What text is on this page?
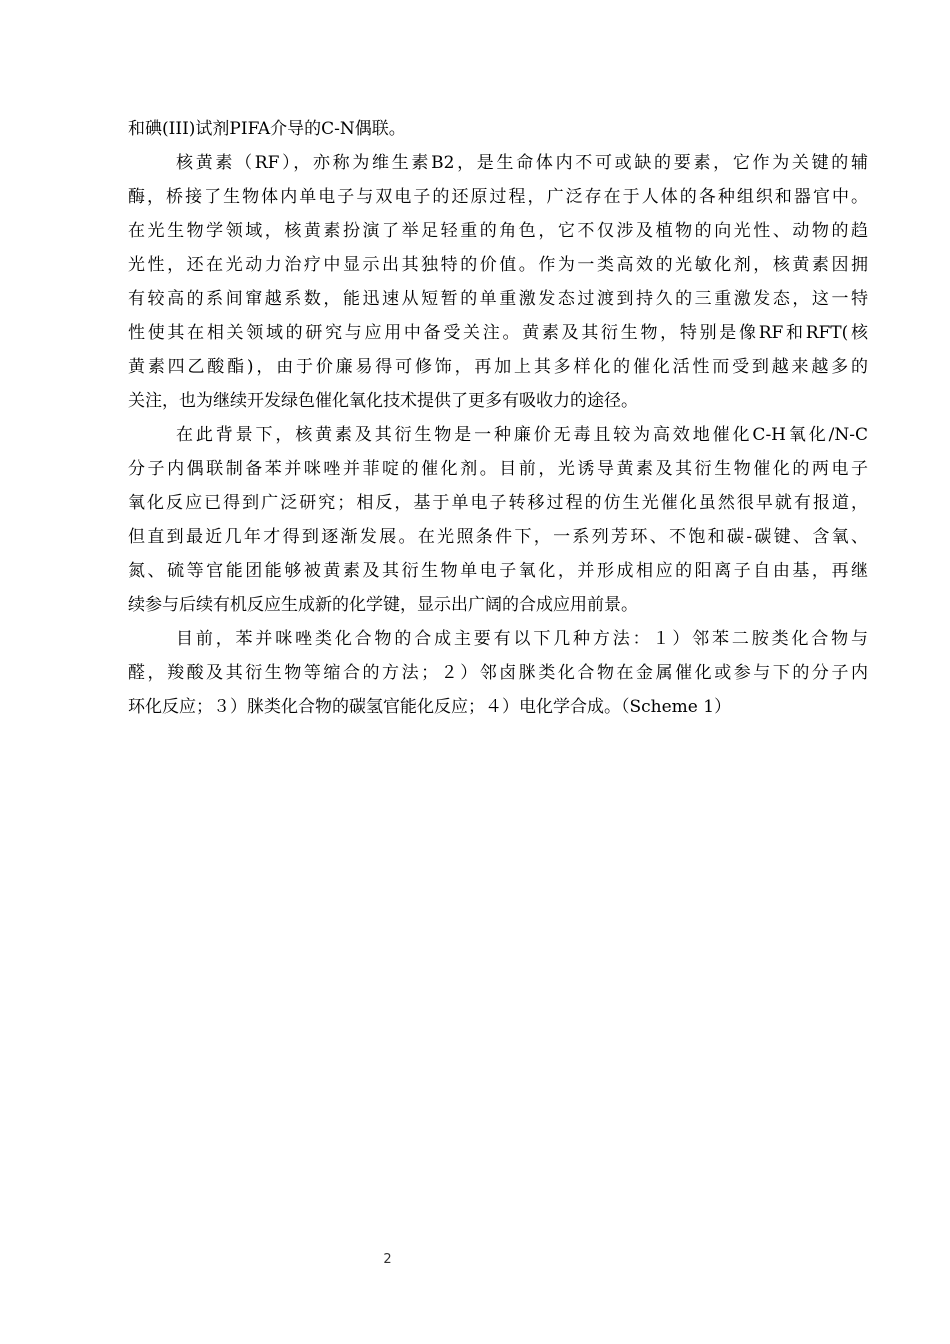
和碘(III)试剂PIFA介导的C-N偶联。
核黄素（RF），亦称为维生素B2，是生命体内不可或缺的要素，它作为关键的辅
酶，桥接了生物体内单电子与双电子的还原过程，广泛存在于人体的各种组织和器官中。
在光生物学领域，核黄素扮演了举足轻重的角色，它不仅涉及植物的向光性、动物的趋
光性，还在光动力治疗中显示出其独特的价值。作为一类高效的光敏化剂，核黄素因拥
有较高的系间窜越系数，能迅速从短暂的单重激发态过渡到持久的三重激发态，这一特
性使其在相关领域的研究与应用中备受关注。黄素及其衍生物，特别是像RF和RFT(核
黄素四乙酸酯)，由于价廉易得可修饰，再加上其多样化的催化活性而受到越来越多的
关注，也为继续开发绿色催化氧化技术提供了更多有吸收力的途径。
在此背景下，核黄素及其衍生物是一种廉价无毒且较为高效地催化C-H氧化/N-C
分子内偶联制备苯并咪唑并菲啶的催化剂。目前，光诱导黄素及其衍生物催化的两电子
氧化反应已得到广泛研究；相反，基于单电子转移过程的仿生光催化虽然很早就有报道，
但直到最近几年才得到逐渐发展。在光照条件下，一系列芳环、不饱和碳-碳键、含氧、
氮、硫等官能团能够被黄素及其衍生物单电子氧化，并形成相应的阳离子自由基，再继
续参与后续有机反应生成新的化学键，显示出广阔的合成应用前景。
目前，苯并咪唑类化合物的合成主要有以下几种方法：１）邻苯二胺类化合物与
醛，羧酸及其衍生物等缩合的方法；２）邻卤脒类化合物在金属催化或参与下的分子内
环化反应；３）脒类化合物的碳氢官能化反应；４）电化学合成。（Scheme 1）
2
